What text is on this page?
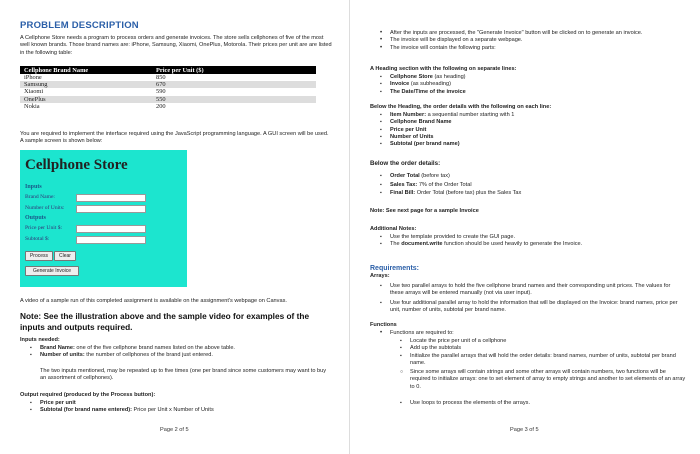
PROBLEM DESCRIPTION
A Cellphone Store needs a program to process orders and generate invoices. The store sells cellphones of five of the most well known brands. Those brand names are: iPhone, Samsung, Xiaomi, OnePlus, Motorola. Their prices per unit are are listed in the following table:
Cellphone Brand Name	Price per Unit ($)
iPhone	850
Samsung	670
Xiaomi	590
OnePlus	550
Nokia	200
You are required to implement the interface required using the JavaScript programming language. A GUI screen will be used. A sample screen is shown below:
Cellphone Store
Inputs
Brand Name:
Number of Units:
Outputs
Price per Unit $:
Subtotal $:
Process	Clear
Generate Invoice
A video of a sample run of this completed assignment is available on the assignment's webpage on Canvas.
Note: See the illustration above and the sample video for examples of the inputs and outputs required.
Inputs needed:
▪ Brand Name: one of the five cellphone brand names listed on the above table.
▪ Number of units: the number of cellphones of the brand just entered.
The two inputs mentioned, may be repeated up to five times (one per brand since some customers may want to buy an assortment of cellphones).
Output required (produced by the Process button):
▪ Price per unit
▪ Subtotal (for brand name entered): Price per Unit x Number of Units
Page 2 of 5
• After the inputs are processed, the "Generate Invoice" button will be clicked on to generate an invoice.
• The invoice will be displayed on a separate webpage.
• The invoice will contain the following parts:
A Heading section with the following on separate lines:
▪ Cellphone Store (as heading)
▪ Invoice (as subheading)
▪ The Date/Time of the invoice
Below the Heading, the order details with the following on each line:
▪ Item Number: a sequential number starting with 1
▪ Cellphone Brand Name
▪ Price per Unit
▪ Number of Units
▪ Subtotal (per brand name)
Below the order details:
▪ Order Total (before tax)
▪ Sales Tax: 7% of the Order Total
▪ Final Bill: Order Total (before tax) plus the Sales Tax
Note: See next page for a sample Invoice
Additional Notes:
▪ Use the template provided to create the GUI page.
▪ The document.write function should be used heavily to generate the Invoice.
Requirements:
Arrays:
▪ Use two parallel arrays to hold the five cellphone brand names and their corresponding unit prices. The values for these arrays will be entered manually (not via user input).
▪ Use four additional parallel array to hold the information that will be displayed on the Invoice: brand names, price per unit, number of units, subtotal per brand name.
Functions
• Functions are required to:
▪ Locate the price per unit of a cellphone
▪ Add up the subtotals
▪ Initialize the parallel arrays that will hold the order details: brand names, number of units, subtotal per brand name.
○ Since some arrays will contain strings and some other arrays will contain numbers, two functions will be required to initialize arrays: one to set element of array to empty strings and another to set elements of an array to 0.
▪ Use loops to process the elements of the arrays.
Page 3 of 5
